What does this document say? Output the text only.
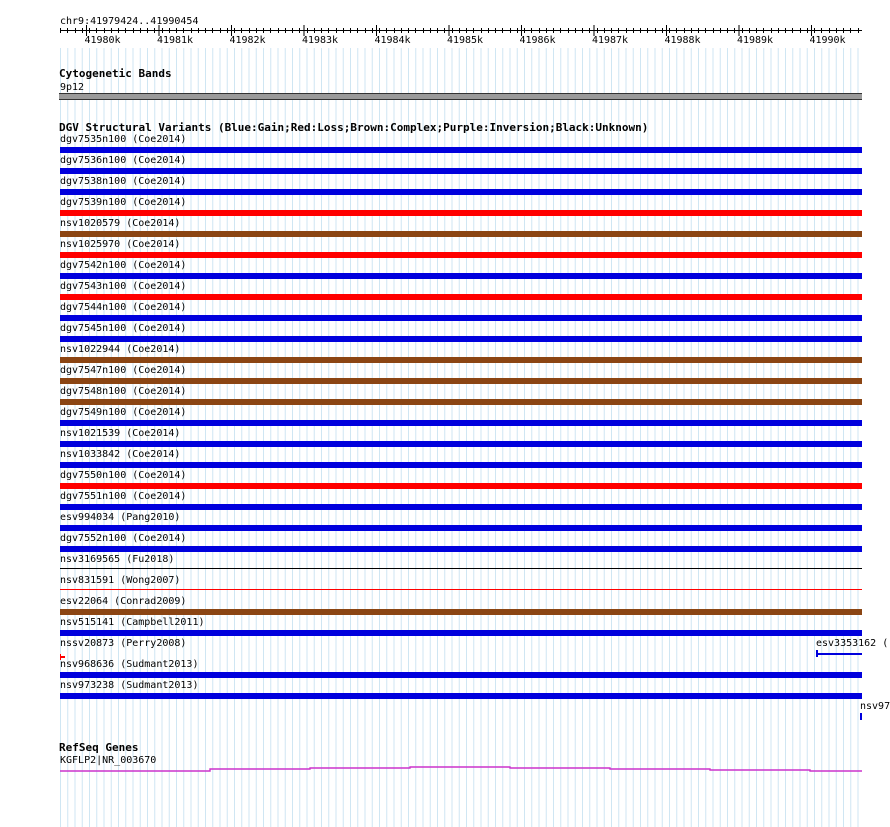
chr9:41979424..41990454
41980k	41981k	41982k	41983k	41984k	41985k	41986k	41987k	41988k	41989k	41990k
Cytogenetic Bands
9p12
DGV Structural Variants (Blue:Gain;Red:Loss;Brown:Complex;Purple:Inversion;Black:Unknown)
dgv7535n100 (Coe2014)
dgv7536n100 (Coe2014)
dgv7538n100 (Coe2014)
dgv7539n100 (Coe2014)
nsv1020579 (Coe2014)
nsv1025970 (Coe2014)
dgv7542n100 (Coe2014)
dgv7543n100 (Coe2014)
dgv7544n100 (Coe2014)
dgv7545n100 (Coe2014)
nsv1022944 (Coe2014)
dgv7547n100 (Coe2014)
dgv7548n100 (Coe2014)
dgv7549n100 (Coe2014)
nsv1021539 (Coe2014)
nsv1033842 (Coe2014)
dgv7550n100 (Coe2014)
dgv7551n100 (Coe2014)
esv994034 (Pang2010)
dgv7552n100 (Coe2014)
nsv3169565 (Fu2018)
nsv831591 (Wong2007)
esv22064 (Conrad2009)
nsv515141 (Campbell2011)
nssv20873 (Perry2008)
nsv968636 (Sudmant2013)
nsv973238 (Sudmant2013)
esv3353162 (
nsv97
RefSeq Genes
KGFLP2|NR_003670
